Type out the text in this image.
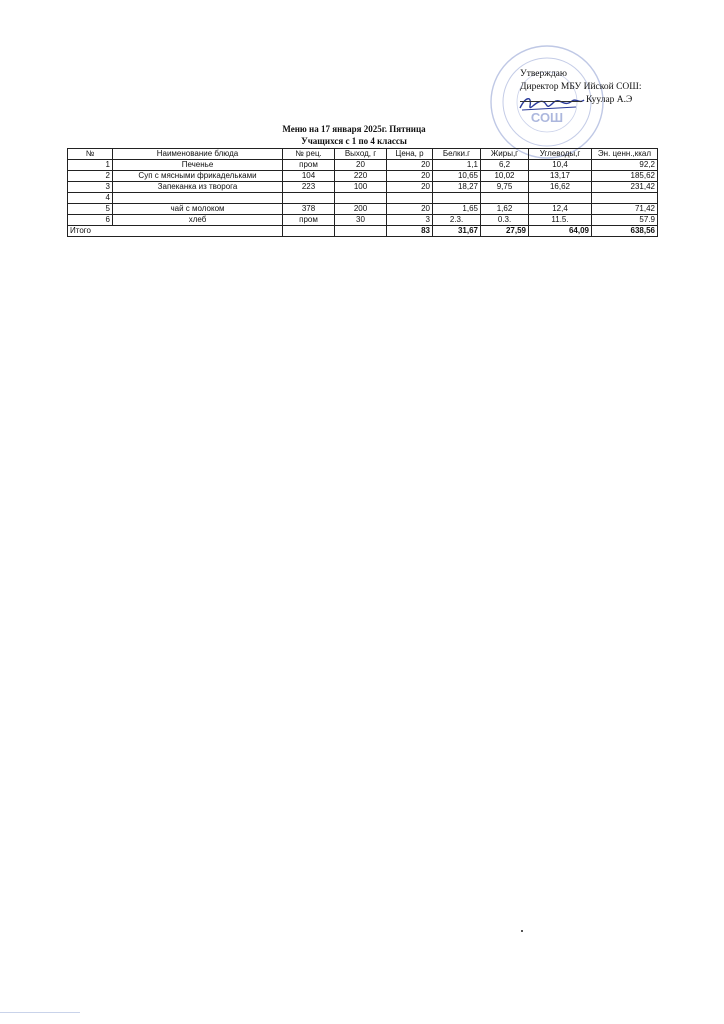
СОШ
Утверждаю
Директор МБУ Ийской СОШ:
Куулар А.Э
Меню на 17 января 2025г. Пятница
Учащихся с 1 по 4 классы
№	Наименование блюда	№ рец.	Выход, г	Цена, р	Белки.г	Жиры,г	Углеводы,г	Эн. ценн.,ккал
1	Печенье	пром	20	20	1,1	6,2	10,4	92,2
2	Суп с мясными фрикадельками	104	220	20	10,65	10,02	13,17	185,62
3	Запеканка из творога	223	100	20	18,27	9,75	16,62	231,42
4								
5	чай с молоком	378	200	20	1,65	1,62	12,4	71,42
6	хлеб	пром	30	3	2.3.	0.3.	11.5.	57.9
Итого				83	31,67	27,59	64,09	638,56
